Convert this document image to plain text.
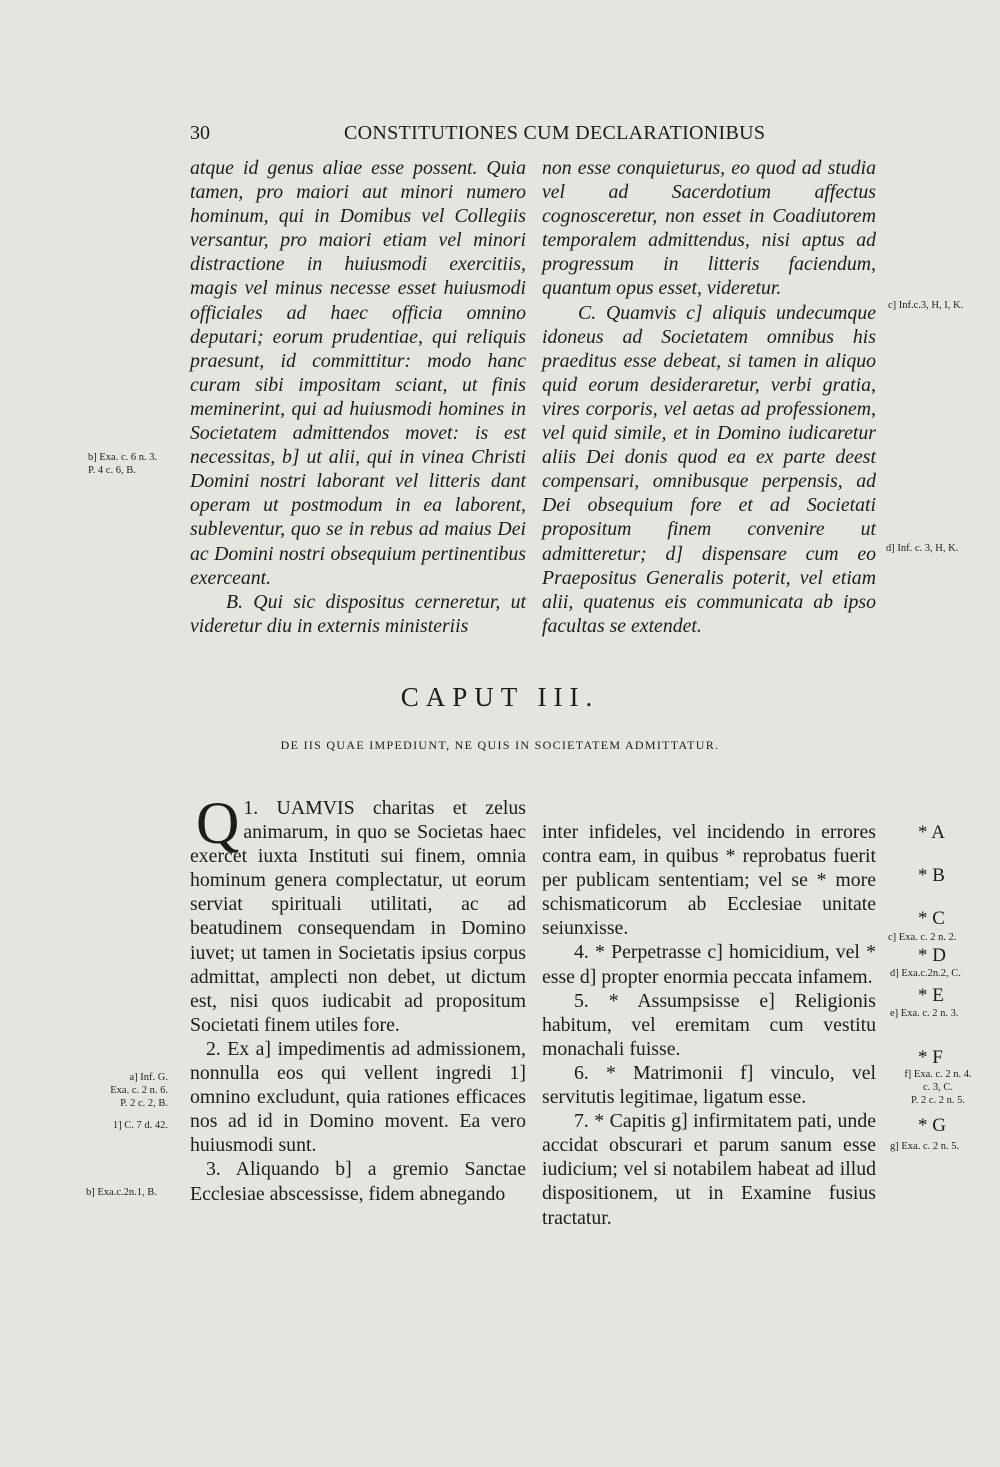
30	CONSTITUTIONES CUM DECLARATIONIBUS

atque id genus aliae esse possent. Quia tamen, pro maiori aut minori numero hominum, qui in Domibus vel Collegiis versantur, pro maiori etiam vel minori distractione in huiusmodi exercitiis, magis vel minus necesse esset huiusmodi officiales ad haec officia omnino deputari; eorum prudentiae, qui reliquis praesunt, id committitur: modo hanc curam sibi impositam sciant, ut finis meminerint, qui ad huiusmodi homines in Societatem admittendos movet: is est necessitas, b] ut alii, qui in vinea Christi Domini nostri laborant vel litteris dant operam ut postmodum in ea laborent, subleventur, quo se in rebus ad maius Dei ac Domini nostri obsequium pertinentibus exerceant.

B. Qui sic dispositus cerneretur, ut videretur diu in externis ministeriis

non esse conquieturus, eo quod ad studia vel ad Sacerdotium affectus cognosceretur, non esset in Coadiutorem temporalem admittendus, nisi aptus ad progressum in litteris faciendum, quantum opus esset, videretur.

C. Quamvis c] aliquis undecumque idoneus ad Societatem omnibus his praeditus esse debeat, si tamen in aliquo quid eorum desideraretur, verbi gratia, vires corporis, vel aetas ad professionem, vel quid simile, et in Domino iudicaretur aliis Dei donis quod ea ex parte deest compensari, omnibusque perpensis, ad Dei obsequium fore et ad Societati propositum finem convenire ut admitteretur; d] dispensare cum eo Praepositus Generalis poterit, vel etiam alii, quatenus eis communicata ab ipso facultas se extendet.

CAPUT III.
DE IIS QUAE IMPEDIUNT, NE QUIS IN SOCIETATEM ADMITTATUR.

1.
Q UAMVIS charitas et zelus animarum, in quo se Societas haec exercet iuxta Instituti sui finem, omnia hominum genera complectatur, ut eorum serviat spirituali utilitati, ac ad beatudinem consequendam in Domino iuvet; ut tamen in Societatis ipsius corpus admittat, amplecti non debet, ut dictum est, nisi quos iudicabit ad propositum Societati finem utiles fore.

2. Ex a] impedimentis ad admissionem, nonnulla eos qui vellent ingredi 1] omnino excludunt, quia rationes efficaces nos ad id in Domino movent. Ea vero huiusmodi sunt.

3. Aliquando b] a gremio Sanctae Ecclesiae abscessisse, fidem abnegando

inter infideles, vel incidendo in errores contra eam, in quibus * reprobatus fuerit per publicam sententiam; vel se * more schismaticorum ab Ecclesiae unitate seiunxisse.

4. * Perpetrasse c] homicidium, vel * esse d] propter enormia peccata infamem.

5. * Assumpsisse e] Religionis habitum, vel eremitam cum vestitu monachali fuisse.

6. * Matrimonii f] vinculo, vel servitutis legitimae, ligatum esse.

7. * Capitis g] infirmitatem pati, unde accidat obscurari et parum sanum esse iudicium; vel si notabilem habeat ad illud dispositionem, ut in Examine fusius tractatur.

b] Exa. c. 6 n. 3.
P. 4 c. 6, B.
a] Inf. G.
Exa. c. 2 n. 6.
P. 2 c. 2, B.
1] C. 7 d. 42.
b] Exa.c.2n.1, B.
c] Inf.c.3, H, I, K.
d] Inf. c. 3, H, K.
* A
* B
* C
c] Exa. c. 2 n. 2.
* D
d] Exa.c.2n.2, C.
* E
e] Exa. c. 2 n. 3.
* F
f] Exa. c. 2 n. 4.
c. 3, C.
P. 2 c. 2 n. 5.
* G
g] Exa. c. 2 n. 5.
